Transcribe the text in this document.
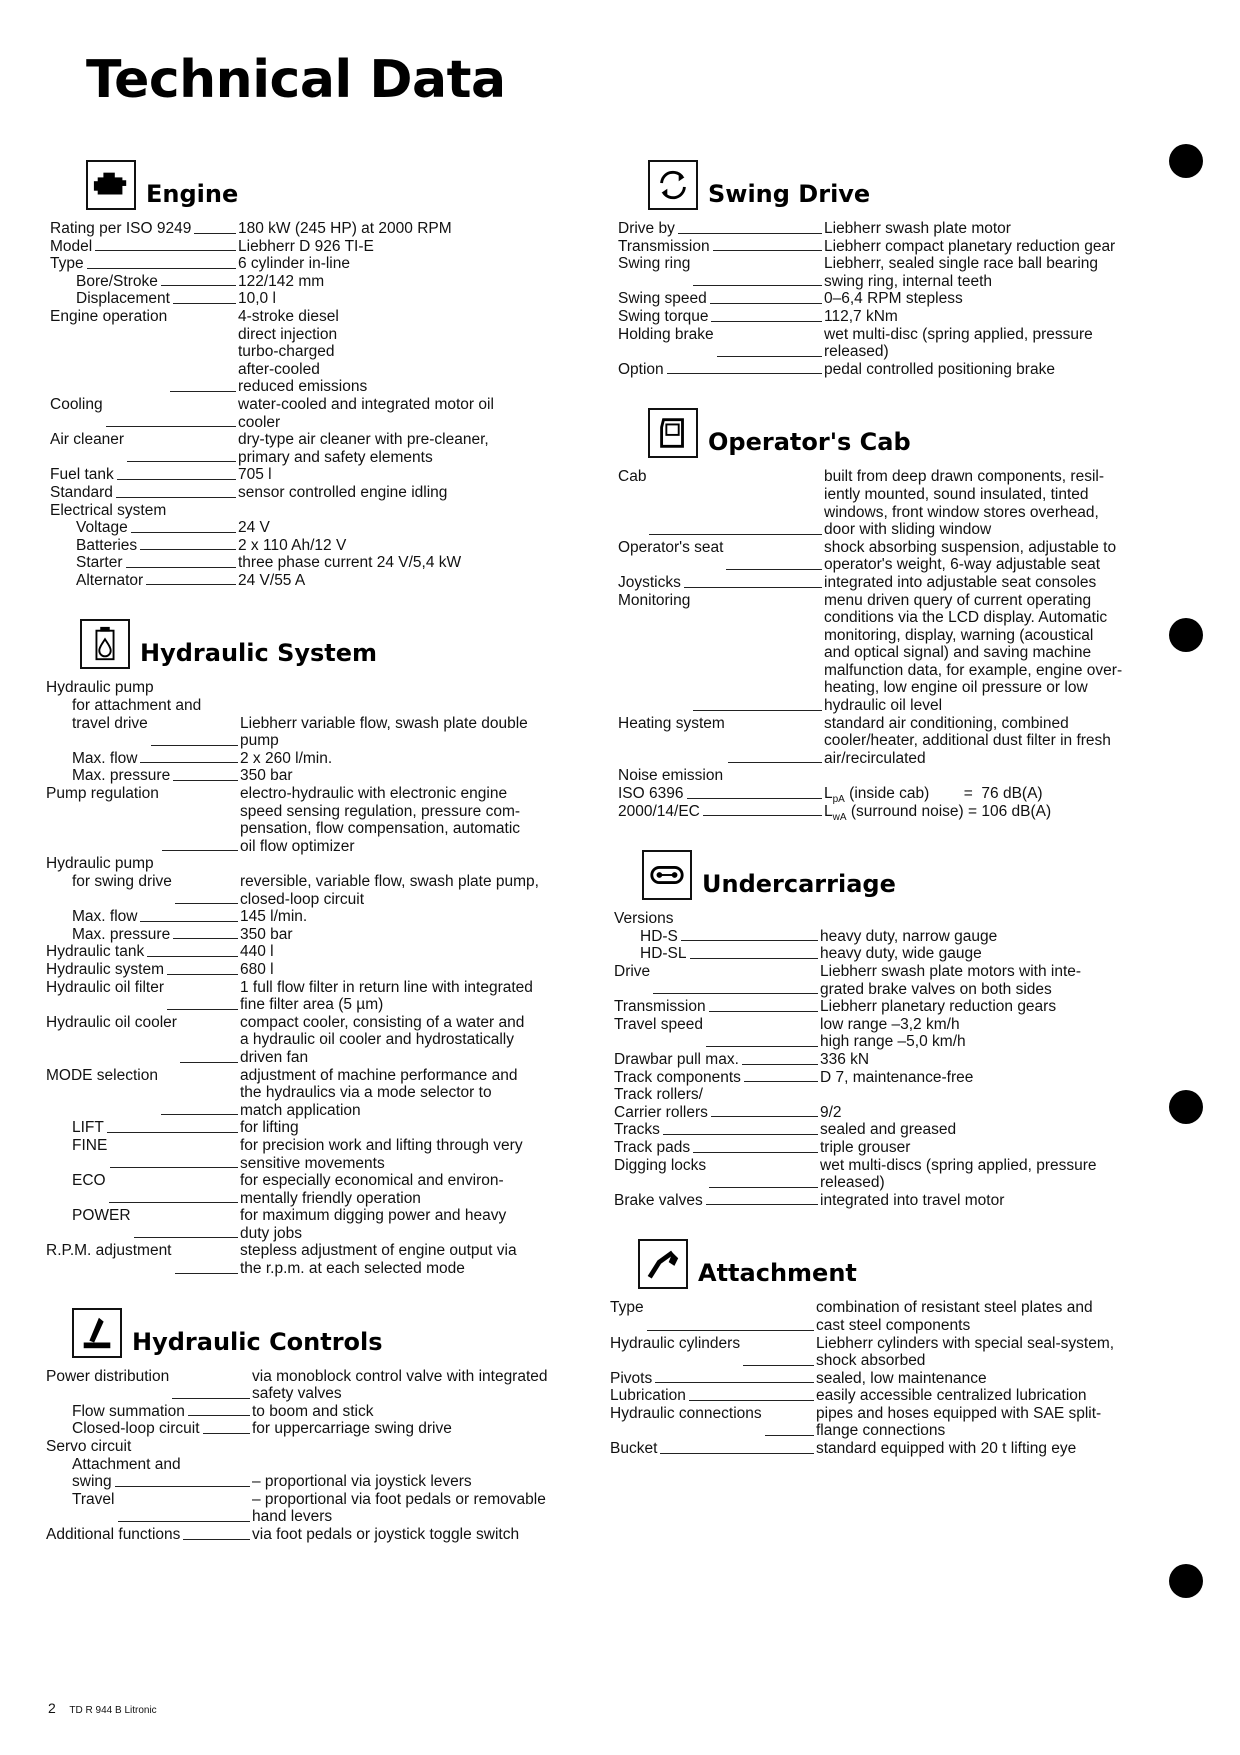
Technical Data
Engine
Rating per ISO 9249	180 kW (245 HP) at 2000 RPM
Model	Liebherr D 926 TI-E
Type	6 cylinder in-line
Bore/Stroke	122/142 mm
Displacement	10,0 l
Engine operation	4-stroke diesel
direct injection
turbo-charged
after-cooled
reduced emissions
Cooling	water-cooled and integrated motor oil
cooler
Air cleaner	dry-type air cleaner with pre-cleaner,
primary and safety elements
Fuel tank	705 l
Standard	sensor controlled engine idling
Electrical system
Voltage	24 V
Batteries	2 x 110 Ah/12 V
Starter	three phase current 24 V/5,4 kW
Alternator	24 V/55 A
Hydraulic System
Hydraulic pump
for attachment and
travel drive	Liebherr variable flow, swash plate double
pump
Max. flow	2 x 260 l/min.
Max. pressure	350 bar
Pump regulation	electro-hydraulic with electronic engine
speed sensing regulation, pressure com-
pensation, flow compensation, automatic
oil flow optimizer
Hydraulic pump
for swing drive	reversible, variable flow, swash plate pump,
closed-loop circuit
Max. flow	145 l/min.
Max. pressure	350 bar
Hydraulic tank	440 l
Hydraulic system	680 l
Hydraulic oil filter	1 full flow filter in return line with integrated
fine filter area (5 µm)
Hydraulic oil cooler	compact cooler, consisting of a water and
a hydraulic oil cooler and hydrostatically
driven fan
MODE selection	adjustment of machine performance and
the hydraulics via a mode selector to
match application
LIFT	for lifting
FINE	for precision work and lifting through very
sensitive movements
ECO	for especially economical and environ-
mentally friendly operation
POWER	for maximum digging power and heavy
duty jobs
R.P.M. adjustment	stepless adjustment of engine output via
the r.p.m. at each selected mode
Hydraulic Controls
Power distribution	via monoblock control valve with integrated
safety valves
Flow summation	to boom and stick
Closed-loop circuit	for uppercarriage swing drive
Servo circuit
Attachment and
swing	– proportional via joystick levers
Travel	– proportional via foot pedals or removable
hand levers
Additional functions	via foot pedals or joystick toggle switch
Swing Drive
Drive by	Liebherr swash plate motor
Transmission	Liebherr compact planetary reduction gear
Swing ring	Liebherr, sealed single race ball bearing
swing ring, internal teeth
Swing speed	0–6,4 RPM stepless
Swing torque	112,7 kNm
Holding brake	wet multi-disc (spring applied, pressure
released)
Option	pedal controlled positioning brake
Operator's Cab
Cab	built from deep drawn components, resil-
iently mounted, sound insulated, tinted
windows, front window stores overhead,
door with sliding window
Operator's seat	shock absorbing suspension, adjustable to
operator's weight, 6-way adjustable seat
Joysticks	integrated into adjustable seat consoles
Monitoring	menu driven query of current operating
conditions via the LCD display. Automatic
monitoring, display, warning (acoustical
and optical signal) and saving machine
malfunction data, for example, engine over-
heating, low engine oil pressure or low
hydraulic oil level
Heating system	standard air conditioning, combined
cooler/heater, additional dust filter in fresh
air/recirculated
Noise emission
ISO 6396	$L_{pA}$ (inside cab)        =  76 dB(A)
2000/14/EC	$L_{wA}$ (surround noise) = 106 dB(A)
Undercarriage
Versions
HD-S	heavy duty, narrow gauge
HD-SL	heavy duty, wide gauge
Drive	Liebherr swash plate motors with inte-
grated brake valves on both sides
Transmission	Liebherr planetary reduction gears
Travel speed	low range –3,2 km/h
high range –5,0 km/h
Drawbar pull max.	336 kN
Track components	D 7, maintenance-free
Track rollers/
Carrier rollers	9/2
Tracks	sealed and greased
Track pads	triple grouser
Digging locks	wet multi-discs (spring applied, pressure
released)
Brake valves	integrated into travel motor
Attachment
Type	combination of resistant steel plates and
cast steel components
Hydraulic cylinders	Liebherr cylinders with special seal-system,
shock absorbed
Pivots	sealed, low maintenance
Lubrication	easily accessible centralized lubrication
Hydraulic connections	pipes and hoses equipped with SAE split-
flange connections
Bucket	standard equipped with 20 t lifting eye
2 TD R 944 B Litronic
